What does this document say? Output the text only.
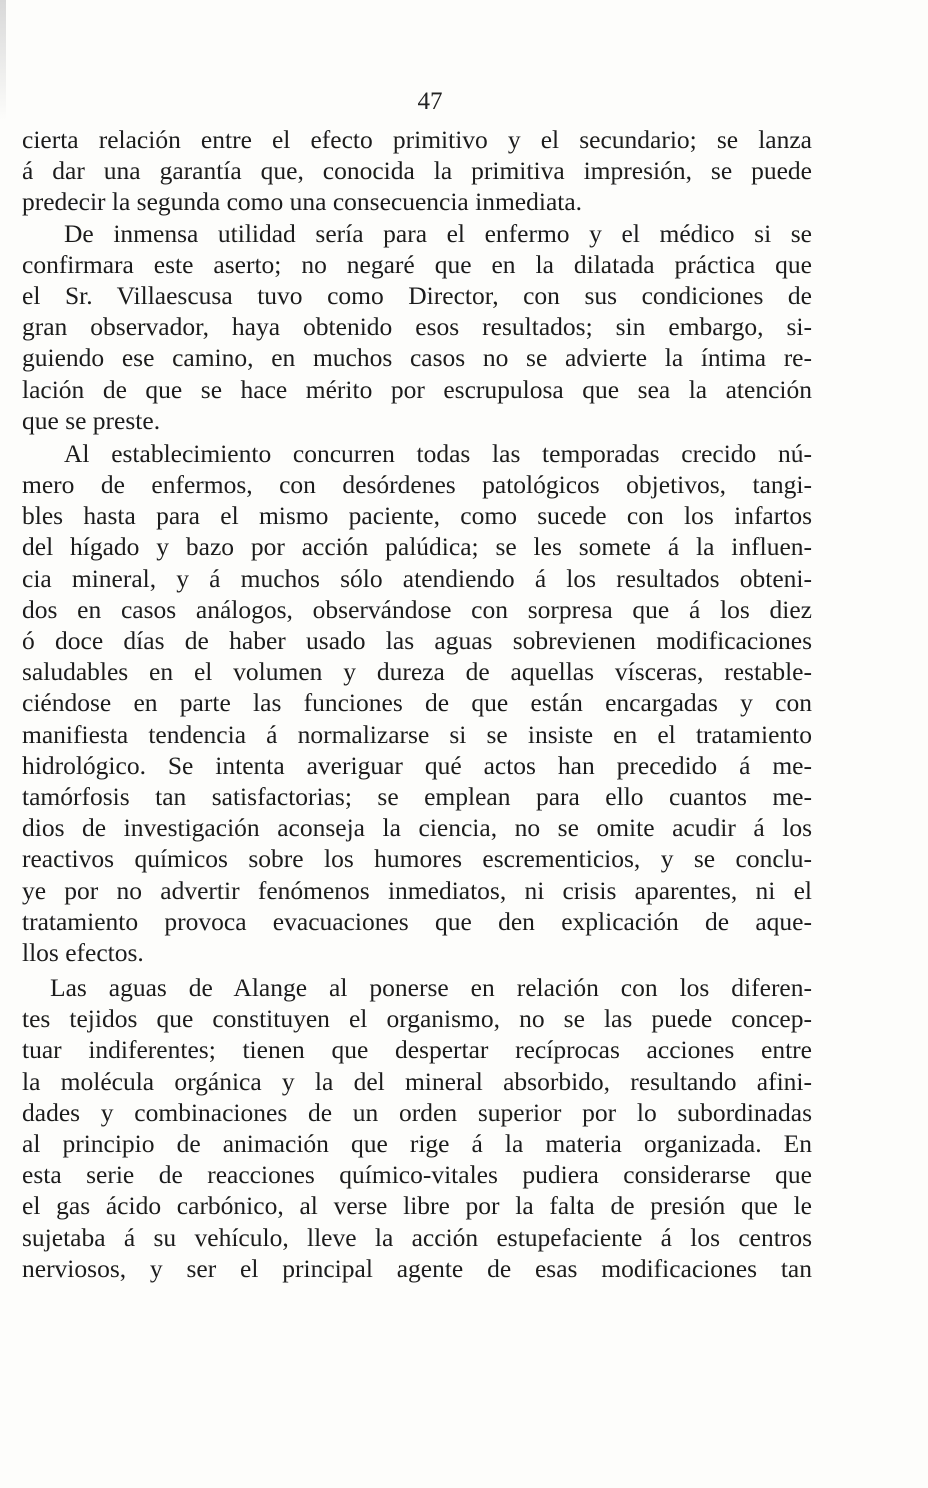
47
cierta relación entre el efecto primitivo y el secundario; se lanza
á dar una garantía que, conocida la primitiva impresión, se puede
predecir la segunda como una consecuencia inmediata.
De inmensa utilidad sería para el enfermo y el médico si se
confirmara este aserto; no negaré que en la dilatada práctica que
el Sr. Villaescusa tuvo como Director, con sus condiciones de
gran observador, haya obtenido esos resultados; sin embargo, si-
guiendo ese camino, en muchos casos no se advierte la íntima re-
lación de que se hace mérito por escrupulosa que sea la atención
que se preste.
Al establecimiento concurren todas las temporadas crecido nú-
mero de enfermos, con desórdenes patológicos objetivos, tangi-
bles hasta para el mismo paciente, como sucede con los infartos
del hígado y bazo por acción palúdica; se les somete á la influen-
cia mineral, y á muchos sólo atendiendo á los resultados obteni-
dos en casos análogos, observándose con sorpresa que á los diez
ó doce días de haber usado las aguas sobrevienen modificaciones
saludables en el volumen y dureza de aquellas vísceras, restable-
ciéndose en parte las funciones de que están encargadas y con
manifiesta tendencia á normalizarse si se insiste en el tratamiento
hidrológico. Se intenta averiguar qué actos han precedido á me-
tamórfosis tan satisfactorias; se emplean para ello cuantos me-
dios de investigación aconseja la ciencia, no se omite acudir á los
reactivos químicos sobre los humores escrementicios, y se conclu-
ye por no advertir fenómenos inmediatos, ni crisis aparentes, ni el
tratamiento provoca evacuaciones que den explicación de aque-
llos efectos.
Las aguas de Alange al ponerse en relación con los diferen-
tes tejidos que constituyen el organismo, no se las puede concep-
tuar indiferentes; tienen que despertar recíprocas acciones entre
la molécula orgánica y la del mineral absorbido, resultando afini-
dades y combinaciones de un orden superior por lo subordinadas
al principio de animación que rige á la materia organizada. En
esta serie de reacciones químico-vitales pudiera considerarse que
el gas ácido carbónico, al verse libre por la falta de presión que le
sujetaba á su vehículo, lleve la acción estupefaciente á los centros
nerviosos, y ser el principal agente de esas modificaciones tan
